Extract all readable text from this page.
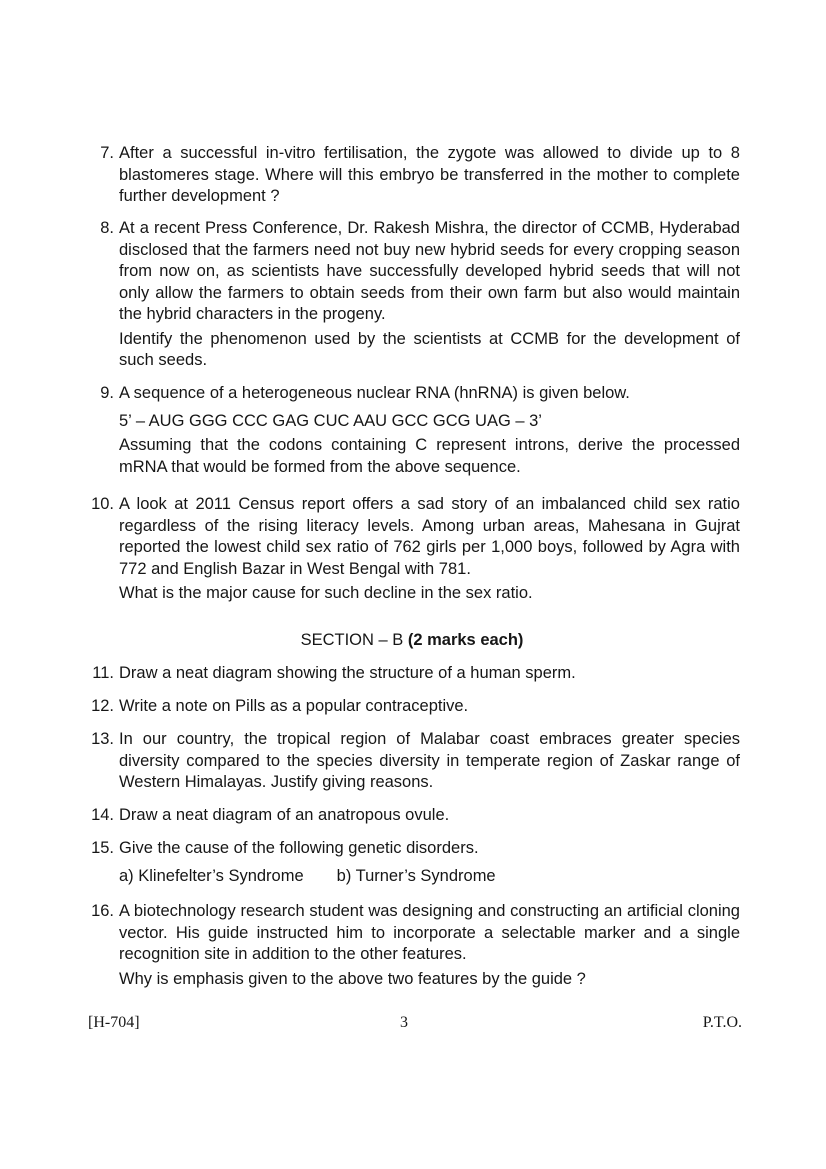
7. After a successful in-vitro fertilisation, the zygote was allowed to divide up to 8 blastomeres stage. Where will this embryo be transferred in the mother to complete further development ?

8. At a recent Press Conference, Dr. Rakesh Mishra, the director of CCMB, Hyderabad disclosed that the farmers need not buy new hybrid seeds for every cropping season from now on, as scientists have successfully developed hybrid seeds that will not only allow the farmers to obtain seeds from their own farm but also would maintain the hybrid characters in the progeny.

Identify the phenomenon used by the scientists at CCMB for the development of such seeds.

9. A sequence of a heterogeneous nuclear RNA (hnRNA) is given below.

5’ – AUG GGG CCC GAG CUC AAU GCC GCG UAG – 3’

Assuming that the codons containing C represent introns, derive the processed mRNA that would be formed from the above sequence.

10. A look at 2011 Census report offers a sad story of an imbalanced child sex ratio regardless of the rising literacy levels. Among urban areas, Mahesana in Gujrat reported the lowest child sex ratio of 762 girls per 1,000 boys, followed by Agra with 772 and English Bazar in West Bengal with 781.

What is the major cause for such decline in the sex ratio.

SECTION – B (2 marks each)
11. Draw a neat diagram showing the structure of a human sperm.

12. Write a note on Pills as a popular contraceptive.

13. In our country, the tropical region of Malabar coast embraces greater species diversity compared to the species diversity in temperate region of Zaskar range of Western Himalayas. Justify giving reasons.

14. Draw a neat diagram of an anatropous ovule.

15. Give the cause of the following genetic disorders.

a) Klinefelter’s Syndrome b) Turner’s Syndrome

16. A biotechnology research student was designing and constructing an artificial cloning vector. His guide instructed him to incorporate a selectable marker and a single recognition site in addition to the other features.

Why is emphasis given to the above two features by the guide ?

[H-704]	3	P.T.O.
